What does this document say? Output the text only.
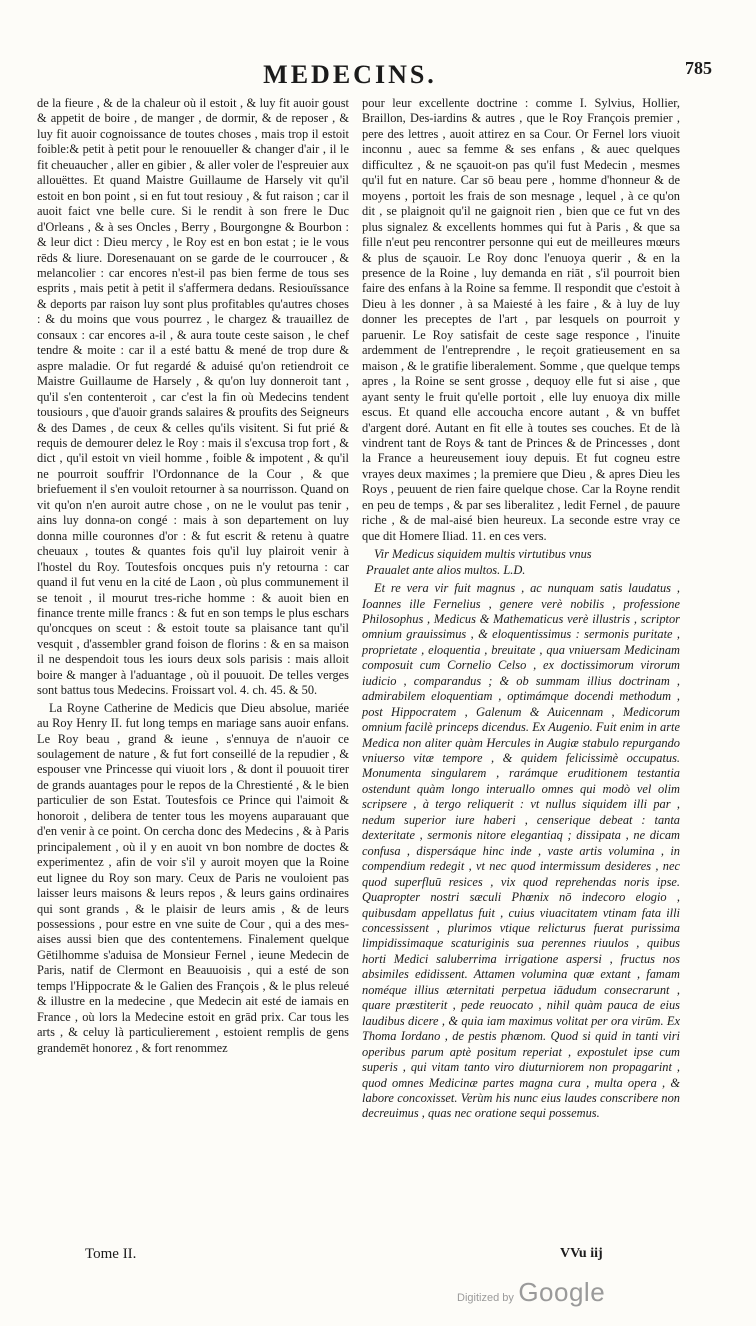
MEDECINS.	785

de la fieure , & de la chaleur où il estoit , & luy fit auoir goust & appetit de boire , de manger , de dormir, & de reposer , & luy fit auoir cognoissance de toutes choses , mais trop il estoit foible:& petit à petit pour le renouueller & changer d'air , il le fit cheuaucher , aller en gibier , & aller voler de l'espreuier aux allouëttes. Et quand Maistre Guillaume de Harsely vit qu'il estoit en bon point , si en fut tout resiouy , & fut raison ; car il auoit faict vne belle cure. Si le rendit à son frere le Duc d'Orleans , & à ses Oncles , Berry , Bourgongne & Bourbon : & leur dict : Dieu mercy , le Roy est en bon estat ; ie le vous rēds & liure. Doresenauant on se garde de le courroucer , & melancolier : car encores n'est-il pas bien ferme de tous ses esprits , mais petit à petit il s'affermera dedans. Resiouïssance & deports par raison luy sont plus profitables qu'autres choses : & du moins que vous pourrez , le chargez & trauaillez de consaux : car encores a-il , & aura toute ceste saison , le chef tendre & moite : car il a esté battu & mené de trop dure & aspre maladie. Or fut regardé & aduisé qu'on retiendroit ce Maistre Guillaume de Harsely , & qu'on luy donneroit tant , qu'il s'en contenteroit , car c'est la fin où Medecins tendent tousiours , que d'auoir grands salaires & proufits des Seigneurs & des Dames , de ceux & celles qu'ils visitent. Si fut prié & requis de demourer delez le Roy : mais il s'excusa trop fort , & dict , qu'il estoit vn vieil homme , foible & impotent , & qu'il ne pourroit souffrir l'Ordonnance de la Cour , & que briefuement il s'en vouloit retourner à sa nourrisson. Quand on vit qu'on n'en auroit autre chose , on ne le voulut pas tenir , ains luy donna-on congé : mais à son departement on luy donna mille couronnes d'or : & fut escrit & retenu à quatre cheuaux , toutes & quantes fois qu'il luy plairoit venir à l'hostel du Roy. Toutesfois oncques puis n'y retourna : car quand il fut venu en la cité de Laon , où plus communement il se tenoit , il mourut tres-riche homme : & auoit bien en finance trente mille francs : & fut en son temps le plus eschars qu'oncques on sceut : & estoit toute sa plaisance tant qu'il vesquit , d'assembler grand foison de florins : & en sa maison il ne despendoit tous les iours deux sols parisis : mais alloit boire & manger à l'aduantage , où il pouuoit. De telles verges sont battus tous Medecins. Froissart vol. 4. ch. 45. & 50.

La Royne Catherine de Medicis que Dieu absolue, mariée au Roy Henry II. fut long temps en mariage sans auoir enfans. Le Roy beau , grand & ieune , s'ennuya de n'auoir ce soulagement de nature , & fut fort conseillé de la repudier , & espouser vne Princesse qui viuoit lors , & dont il pouuoit tirer de grands auantages pour le repos de la Chrestienté , & le bien particulier de son Estat. Toutesfois ce Prince qui l'aimoit & honoroit , delibera de tenter tous les moyens auparauant que d'en venir à ce point. On cercha donc des Medecins , & à Paris principalement , où il y en auoit vn bon nombre de doctes & experimentez , afin de voir s'il y auroit moyen que la Roine eut lignee du Roy son mary. Ceux de Paris ne vouloient pas laisser leurs maisons & leurs repos , & leurs gains ordinaires qui sont grands , & le plaisir de leurs amis , & de leurs possessions , pour estre en vne suite de Cour , qui a des mes-aises aussi bien que des contentemens. Finalement quelque Gētilhomme s'aduisa de Monsieur Fernel , ieune Medecin de Paris, natif de Clermont en Beauuoisis , qui a esté de son temps l'Hippocrate & le Galien des François , & le plus releué & illustre en la medecine , que Medecin ait esté de iamais en France , où lors la Medecine estoit en grād prix. Car tous les arts , & celuy là particulierement , estoient remplis de gens grandemēt honorez , & fort renommez

pour leur excellente doctrine : comme I. Sylvius, Hollier, Braillon, Des-iardins & autres , que le Roy François premier , pere des lettres , auoit attirez en sa Cour. Or Fernel lors viuoit inconnu , auec sa femme & ses enfans , & auec quelques difficultez , & ne sçauoit-on pas qu'il fust Medecin , mesmes qu'il fut en nature. Car sō beau pere , homme d'honneur & de moyens , portoit les frais de son mesnage , lequel , à ce qu'on dit , se plaignoit qu'il ne gaignoit rien , bien que ce fut vn des plus signalez & excellents hommes qui fut à Paris , & que sa fille n'eut peu rencontrer personne qui eut de meilleures mœurs & plus de sçauoir. Le Roy donc l'enuoya querir , & en la presence de la Roine , luy demanda en riāt , s'il pourroit bien faire des enfans à la Roine sa femme. Il respondit que c'estoit à Dieu à les donner , à sa Maiesté à les faire , & à luy de luy donner les preceptes de l'art , par lesquels on pourroit y paruenir. Le Roy satisfait de ceste sage responce , l'inuite ardemment de l'entreprendre , le reçoit gratieusement en sa maison , & le gratifie liberalement. Somme , que quelque temps apres , la Roine se sent grosse , dequoy elle fut si aise , que ayant senty le fruit qu'elle portoit , elle luy enuoya dix mille escus. Et quand elle accoucha encore autant , & vn buffet d'argent doré. Autant en fit elle à toutes ses couches. Et de là vindrent tant de Roys & tant de Princes & de Princesses , dont la France a heureusement iouy depuis. Et fut cogneu estre vrayes deux maximes ; la premiere que Dieu , & apres Dieu les Roys , peuuent de rien faire quelque chose. Car la Royne rendit en peu de temps , & par ses liberalitez , ledit Fernel , de pauure riche , & de mal-aisé bien heureux. La seconde estre vray ce que dit Homere Iliad. 11. en ces vers.

Vir Medicus siquidem multis virtutibus vnus
Praualet ante alios multos. L.D.

Et re vera vir fuit magnus , ac nunquam satis laudatus , Ioannes ille Fernelius , genere verè nobilis , professione Philosophus , Medicus & Mathematicus verè illustris , scriptor omnium grauissimus , & eloquentissimus : sermonis puritate , proprietate , eloquentia , breuitate , qua vniuersam Medicinam composuit cum Cornelio Celso , ex doctissimorum virorum iudicio , comparandus ; & ob summam illius doctrinam , admirabilem eloquentiam , optimámque docendi methodum , post Hippocratem , Galenum & Auicennam , Medicorum omnium facilè princeps dicendus. Ex Augenio. Fuit enim in arte Medica non aliter quàm Hercules in Augiæ stabulo repurgando vniuerso vitæ tempore , & quidem felicissimè occupatus. Monumenta singularem , rarámque eruditionem testantia ostendunt quàm longo interuallo omnes qui modò vel olim scripsere , à tergo reliquerit : vt nullus siquidem illi par , nedum superior iure haberi , censerique debeat : tanta dexteritate , sermonis nitore elegantiaq ; dissipata , ne dicam confusa , dispersáque hinc inde , vaste artis volumina , in compendium redegit , vt nec quod intermissum desideres , nec quod superfluū resices , vix quod reprehendas noris ipse. Quapropter nostri sæculi Phœnix nō indecoro elogio , quibusdam appellatus fuit , cuius viuacitatem vtinam fata illi concessissent , plurimos vtique relicturus fuerat purissima limpidissimaque scaturiginis sua perennes riuulos , quibus horti Medici saluberrima irrigatione aspersi , fructus nos absimiles edidissent. Attamen volumina quæ extant , famam noméque illius æternitati perpetua iādudum consecrarunt , quare præstiterit , pede reuocato , nihil quàm pauca de eius laudibus dicere , & quia iam maximus volitat per ora virūm. Ex Thoma Iordano , de pestis phænom. Quod si quid in tanti viri operibus parum aptè positum reperiat , expostulet ipse cum superis , qui vitam tanto viro diuturniorem non propagarint , quod omnes Medicinæ partes magna cura , multa opera , & labore concoxisset. Verùm his nunc eius laudes conscribere non decreuimus , quas nec oratione sequi possemus.

Tome II.	VVu iij
Digitized by Google
